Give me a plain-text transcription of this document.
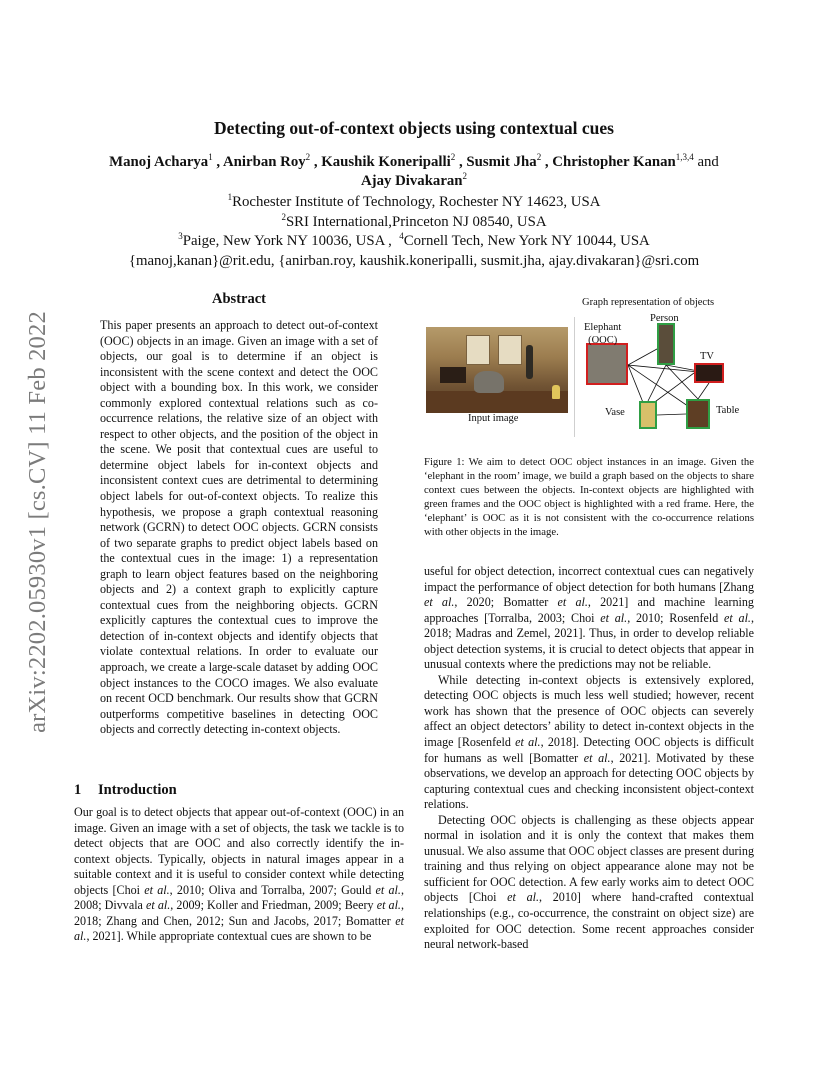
arXiv:2202.05930v1 [cs.CV] 11 Feb 2022
Detecting out-of-context objects using contextual cues
Manoj Acharya$^1$ , Anirban Roy$^2$ , Kaushik Koneripalli$^2$ , Susmit Jha$^2$ , Christopher Kanan$^{1,3,4}$ and Ajay Divakaran$^2$
$^1$Rochester Institute of Technology, Rochester NY 14623, USA
$^2$SRI International,Princeton NJ 08540, USA
$^3$Paige, New York NY 10036, USA , $^4$Cornell Tech, New York NY 10044, USA
{manoj,kanan}@rit.edu, {anirban.roy, kaushik.koneripalli, susmit.jha, ajay.divakaran}@sri.com
Abstract

This paper presents an approach to detect out-of-context (OOC) objects in an image. Given an image with a set of objects, our goal is to determine if an object is inconsistent with the scene context and detect the OOC object with a bounding box. In this work, we consider commonly explored contextual relations such as co-occurrence relations, the relative size of an object with respect to other objects, and the position of the object in the scene. We posit that contextual cues are useful to determine object labels for in-context objects and inconsistent context cues are detrimental to determining object labels for out-of-context objects. To realize this hypothesis, we propose a graph contextual reasoning network (GCRN) to detect OOC objects. GCRN consists of two separate graphs to predict object labels based on the contextual cues in the image: 1) a representation graph to learn object features based on the neighboring objects and 2) a context graph to explicitly capture contextual cues from the neighboring objects. GCRN explicitly captures the contextual cues to improve the detection of in-context objects and identify objects that violate contextual relations. In order to evaluate our approach, we create a large-scale dataset by adding OOC object instances to the COCO images. We also evaluate on recent OCD benchmark. Our results show that GCRN outperforms competitive baselines in detecting OOC objects and correctly detecting in-context objects.

1 Introduction

Our goal is to detect objects that appear out-of-context (OOC) in an image. Given an image with a set of objects, the task we tackle is to detect objects that are OOC and also correctly identify the in-context objects. Typically, objects in natural images appear in a suitable context and it is useful to consider context while detecting objects [Choi et al., 2010; Oliva and Torralba, 2007; Gould et al., 2008; Divvala et al., 2009; Koller and Friedman, 2009; Beery et al., 2018; Zhang and Chen, 2012; Sun and Jacobs, 2017; Bomatter et al., 2021]. While appropriate contextual cues are shown to be

Graph representation of objects
Input image
Elephant
(OOC)
Person
TV
Vase	Table

Figure 1: We aim to detect OOC object instances in an image. Given the ‘elephant in the room’ image, we build a graph based on the objects to share context cues between the objects. In-context objects are highlighted with green frames and the OOC object is highlighted with a red frame. Here, the ‘elephant’ is OOC as it is not consistent with the co-occurrence relations with other objects in the image.

useful for object detection, incorrect contextual cues can negatively impact the performance of object detection for both humans [Zhang et al., 2020; Bomatter et al., 2021] and machine learning approaches [Torralba, 2003; Choi et al., 2010; Rosenfeld et al., 2018; Madras and Zemel, 2021]. Thus, in order to develop reliable object detection systems, it is crucial to detect objects that appear in unusual contexts where the predictions may not be reliable.

While detecting in-context objects is extensively explored, detecting OOC objects is much less well studied; however, recent work has shown that the presence of OOC objects can severely affect an object detectors’ ability to detect in-context objects in the image [Rosenfeld et al., 2018]. Detecting OOC objects is difficult for humans as well [Bomatter et al., 2021]. Motivated by these observations, we develop an approach for detecting OOC objects by capturing contextual cues and checking inconsistent object-context relations.

Detecting OOC objects is challenging as these objects appear normal in isolation and it is only the context that makes them unusual. We also assume that OOC object classes are present during training and thus relying on object appearance alone may not be sufficient for OOC detection. A few early works aim to detect OOC objects [Choi et al., 2010] where hand-crafted contextual relationships (e.g., co-occurrence, the constraint on object size) are exploited for OOC detection. Some recent approaches consider neural network-based
